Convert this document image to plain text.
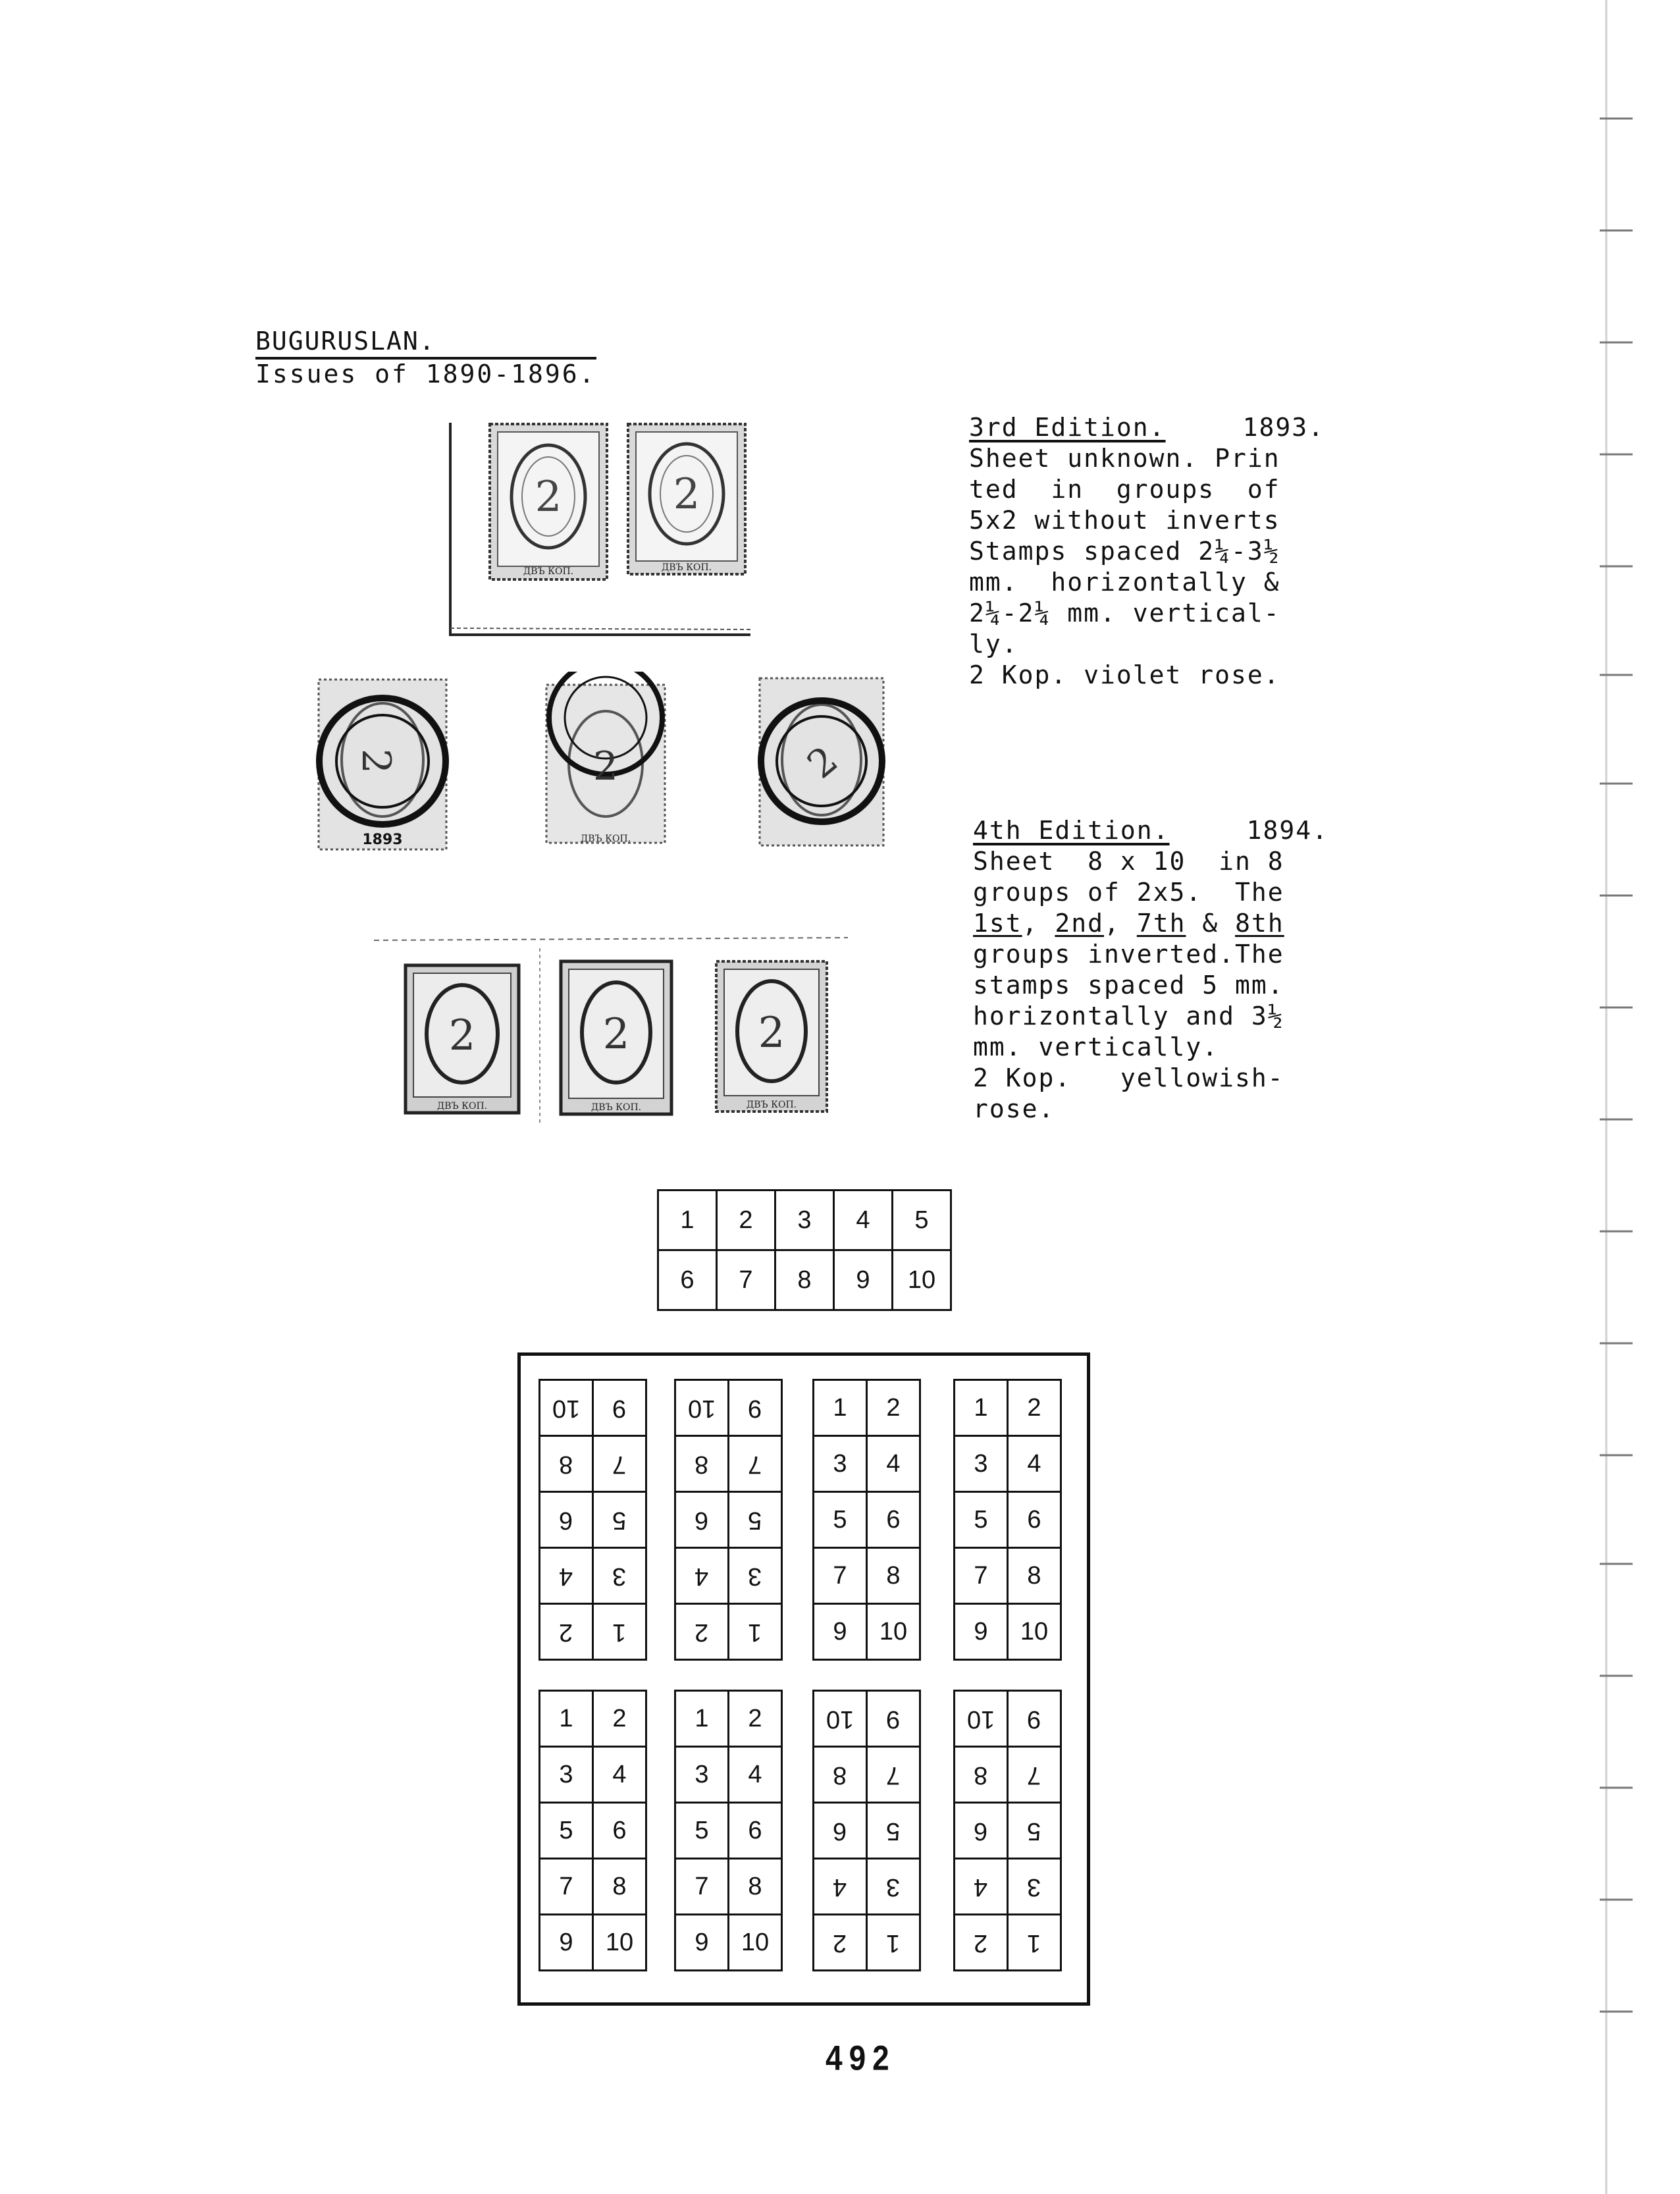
BUGURUSLAN.
Issues of 1890-1896.
2
ДВЪ КОП.
2
ДВЪ КОП.
2
1893
2
ДВЪ КОП.
2
2
ДВЪ КОП.
2
ДВЪ КОП.
2
ДВЪ КОП.
3rd Edition.	1893.
Sheet unknown. Prin
ted  in  groups  of
5x2 without inverts
Stamps spaced 2¼-3½
mm.  horizontally &
2¼-2¼ mm. vertical-
ly.
2 Kop. violet rose.
4th Edition.	1894.
Sheet  8 x 10  in 8
groups of 2x5.  The
1st, 2nd, 7th & 8th
groups inverted.The
stamps spaced 5 mm.
horizontally and 3½
mm. vertically.
2 Kop.   yellowish-
rose.
1	2	3	4	5
6	7	8	9	10
10	9
8	7
6	5
4	3
2	1
10	9
8	7
6	5
4	3
2	1
1	2
3	4
5	6
7	8
9	10
1	2
3	4
5	6
7	8
9	10
1	2
3	4
5	6
7	8
9	10
1	2
3	4
5	6
7	8
9	10
10	9
8	7
6	5
4	3
2	1
10	9
8	7
6	5
4	3
2	1
492
